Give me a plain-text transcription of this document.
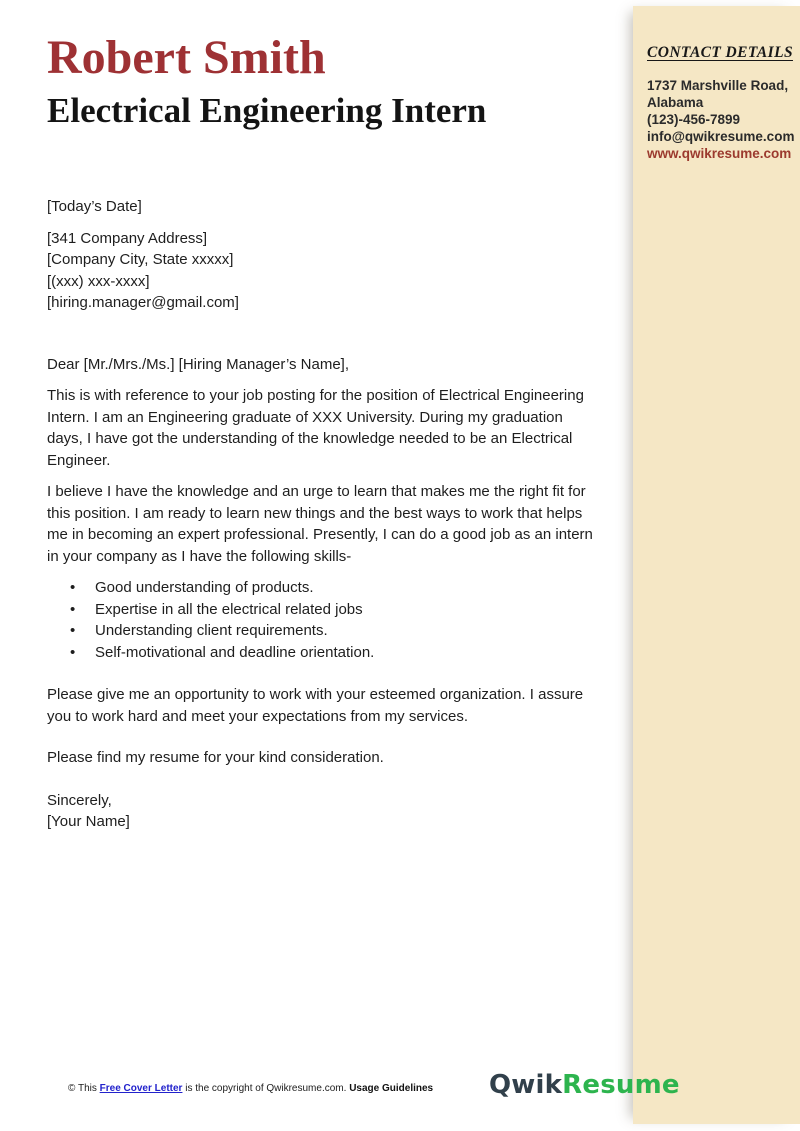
CONTACT DETAILS
1737 Marshville Road,
Alabama
(123)-456-7899
info@qwikresume.com
www.qwikresume.com
Robert Smith
Electrical Engineering Intern

[Today’s Date]

[341 Company Address]
[Company City, State xxxxx]
[(xxx) xxx-xxxx]
[hiring.manager@gmail.com]

Dear [Mr./Mrs./Ms.] [Hiring Manager’s Name],

This is with reference to your job posting for the position of Electrical Engineering Intern. I am an Engineering graduate of XXX University. During my graduation days, I have got the understanding of the knowledge needed to be an Electrical Engineer.

I believe I have the knowledge and an urge to learn that makes me the right fit for this position. I am ready to learn new things and the best ways to work that helps me in becoming an expert professional. Presently, I can do a good job as an intern in your company as I have the following skills-

• Good understanding of products.
• Expertise in all the electrical related jobs
• Understanding client requirements.
• Self-motivational and deadline orientation.

Please give me an opportunity to work with your esteemed organization. I assure you to work hard and meet your expectations from my services.

Please find my resume for your kind consideration.

Sincerely,

[Your Name]

© This Free Cover Letter is the copyright of Qwikresume.com. Usage Guidelines QwikResume
